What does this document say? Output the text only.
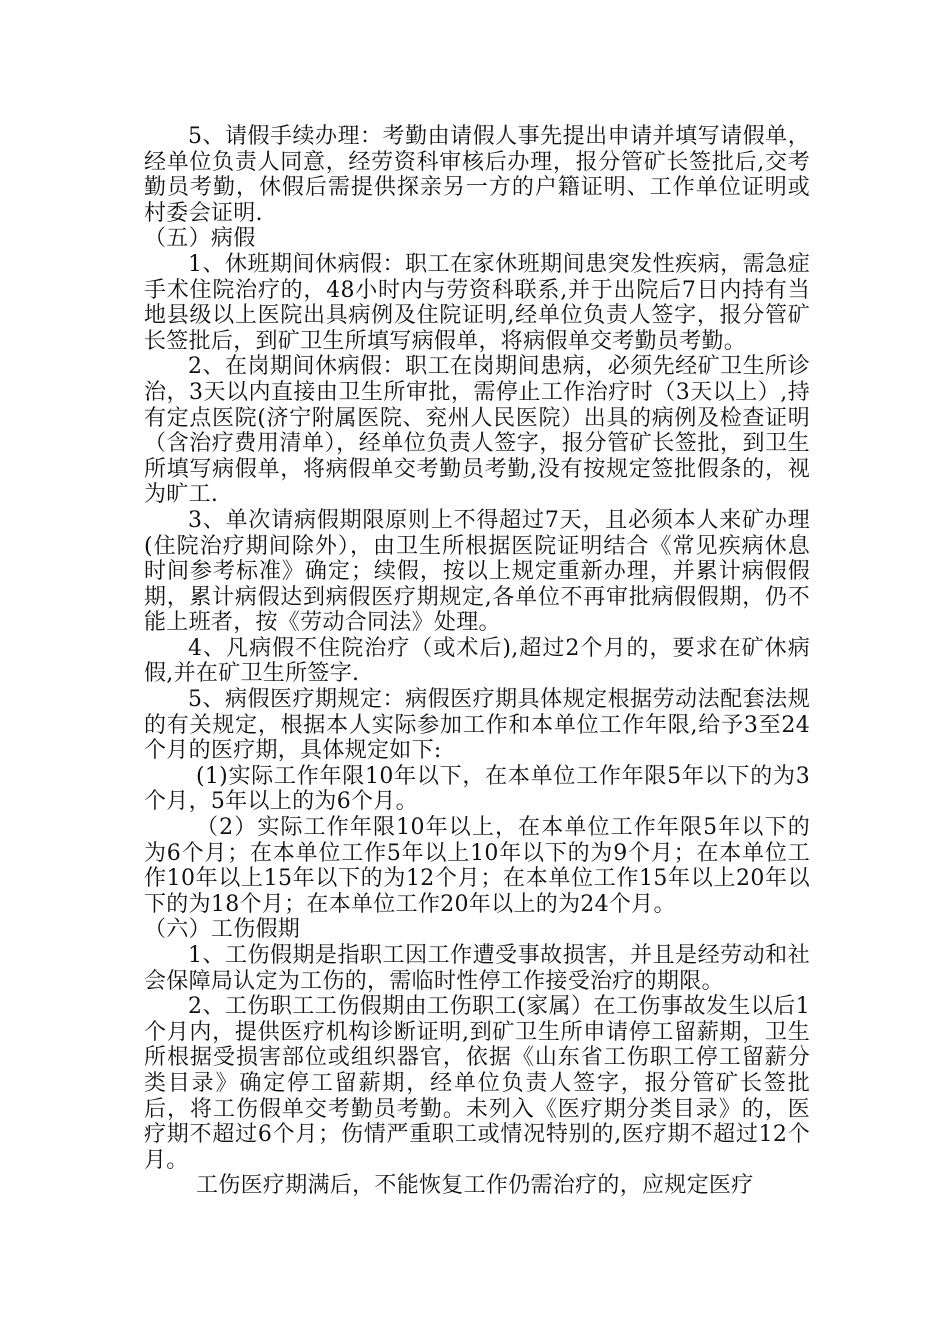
5、请假手续办理：考勤由请假人事先提出申请并填写请假单，经单位负责人同意，经劳资科审核后办理，报分管矿长签批后,交考勤员考勤，休假后需提供探亲另一方的户籍证明、工作单位证明或村委会证明.

（五）病假

1、休班期间休病假：职工在家休班期间患突发性疾病，需急症手术住院治疗的，48小时内与劳资科联系,并于出院后7日内持有当地县级以上医院出具病例及住院证明,经单位负责人签字，报分管矿长签批后，到矿卫生所填写病假单，将病假单交考勤员考勤。

2、在岗期间休病假：职工在岗期间患病，必须先经矿卫生所诊治，3天以内直接由卫生所审批，需停止工作治疗时（3天以上）,持有定点医院(济宁附属医院、兖州人民医院）出具的病例及检查证明（含治疗费用清单），经单位负责人签字，报分管矿长签批，到卫生所填写病假单，将病假单交考勤员考勤,没有按规定签批假条的，视为旷工.

3、单次请病假期限原则上不得超过7天，且必须本人来矿办理(住院治疗期间除外），由卫生所根据医院证明结合《常见疾病休息时间参考标准》确定；续假，按以上规定重新办理，并累计病假假期，累计病假达到病假医疗期规定,各单位不再审批病假假期，仍不能上班者，按《劳动合同法》处理。

4、凡病假不住院治疗（或术后),超过2个月的，要求在矿休病假,并在矿卫生所签字.

5、病假医疗期规定：病假医疗期具体规定根据劳动法配套法规的有关规定，根据本人实际参加工作和本单位工作年限,给予3至24个月的医疗期，具体规定如下:

(1)实际工作年限10年以下，在本单位工作年限5年以下的为3个月，5年以上的为6个月。

（2）实际工作年限10年以上，在本单位工作年限5年以下的为6个月；在本单位工作5年以上10年以下的为9个月；在本单位工作10年以上15年以下的为12个月；在本单位工作15年以上20年以下的为18个月；在本单位工作20年以上的为24个月。

（六）工伤假期

1、工伤假期是指职工因工作遭受事故损害，并且是经劳动和社会保障局认定为工伤的，需临时性停工作接受治疗的期限。

2、工伤职工工伤假期由工伤职工(家属）在工伤事故发生以后1个月内，提供医疗机构诊断证明,到矿卫生所申请停工留薪期，卫生所根据受损害部位或组织器官，依据《山东省工伤职工停工留薪分类目录》确定停工留薪期，经单位负责人签字，报分管矿长签批后，将工伤假单交考勤员考勤。未列入《医疗期分类目录》的，医疗期不超过6个月；伤情严重职工或情况特别的,医疗期不超过12个月。

工伤医疗期满后，不能恢复工作仍需治疗的，应规定医疗
